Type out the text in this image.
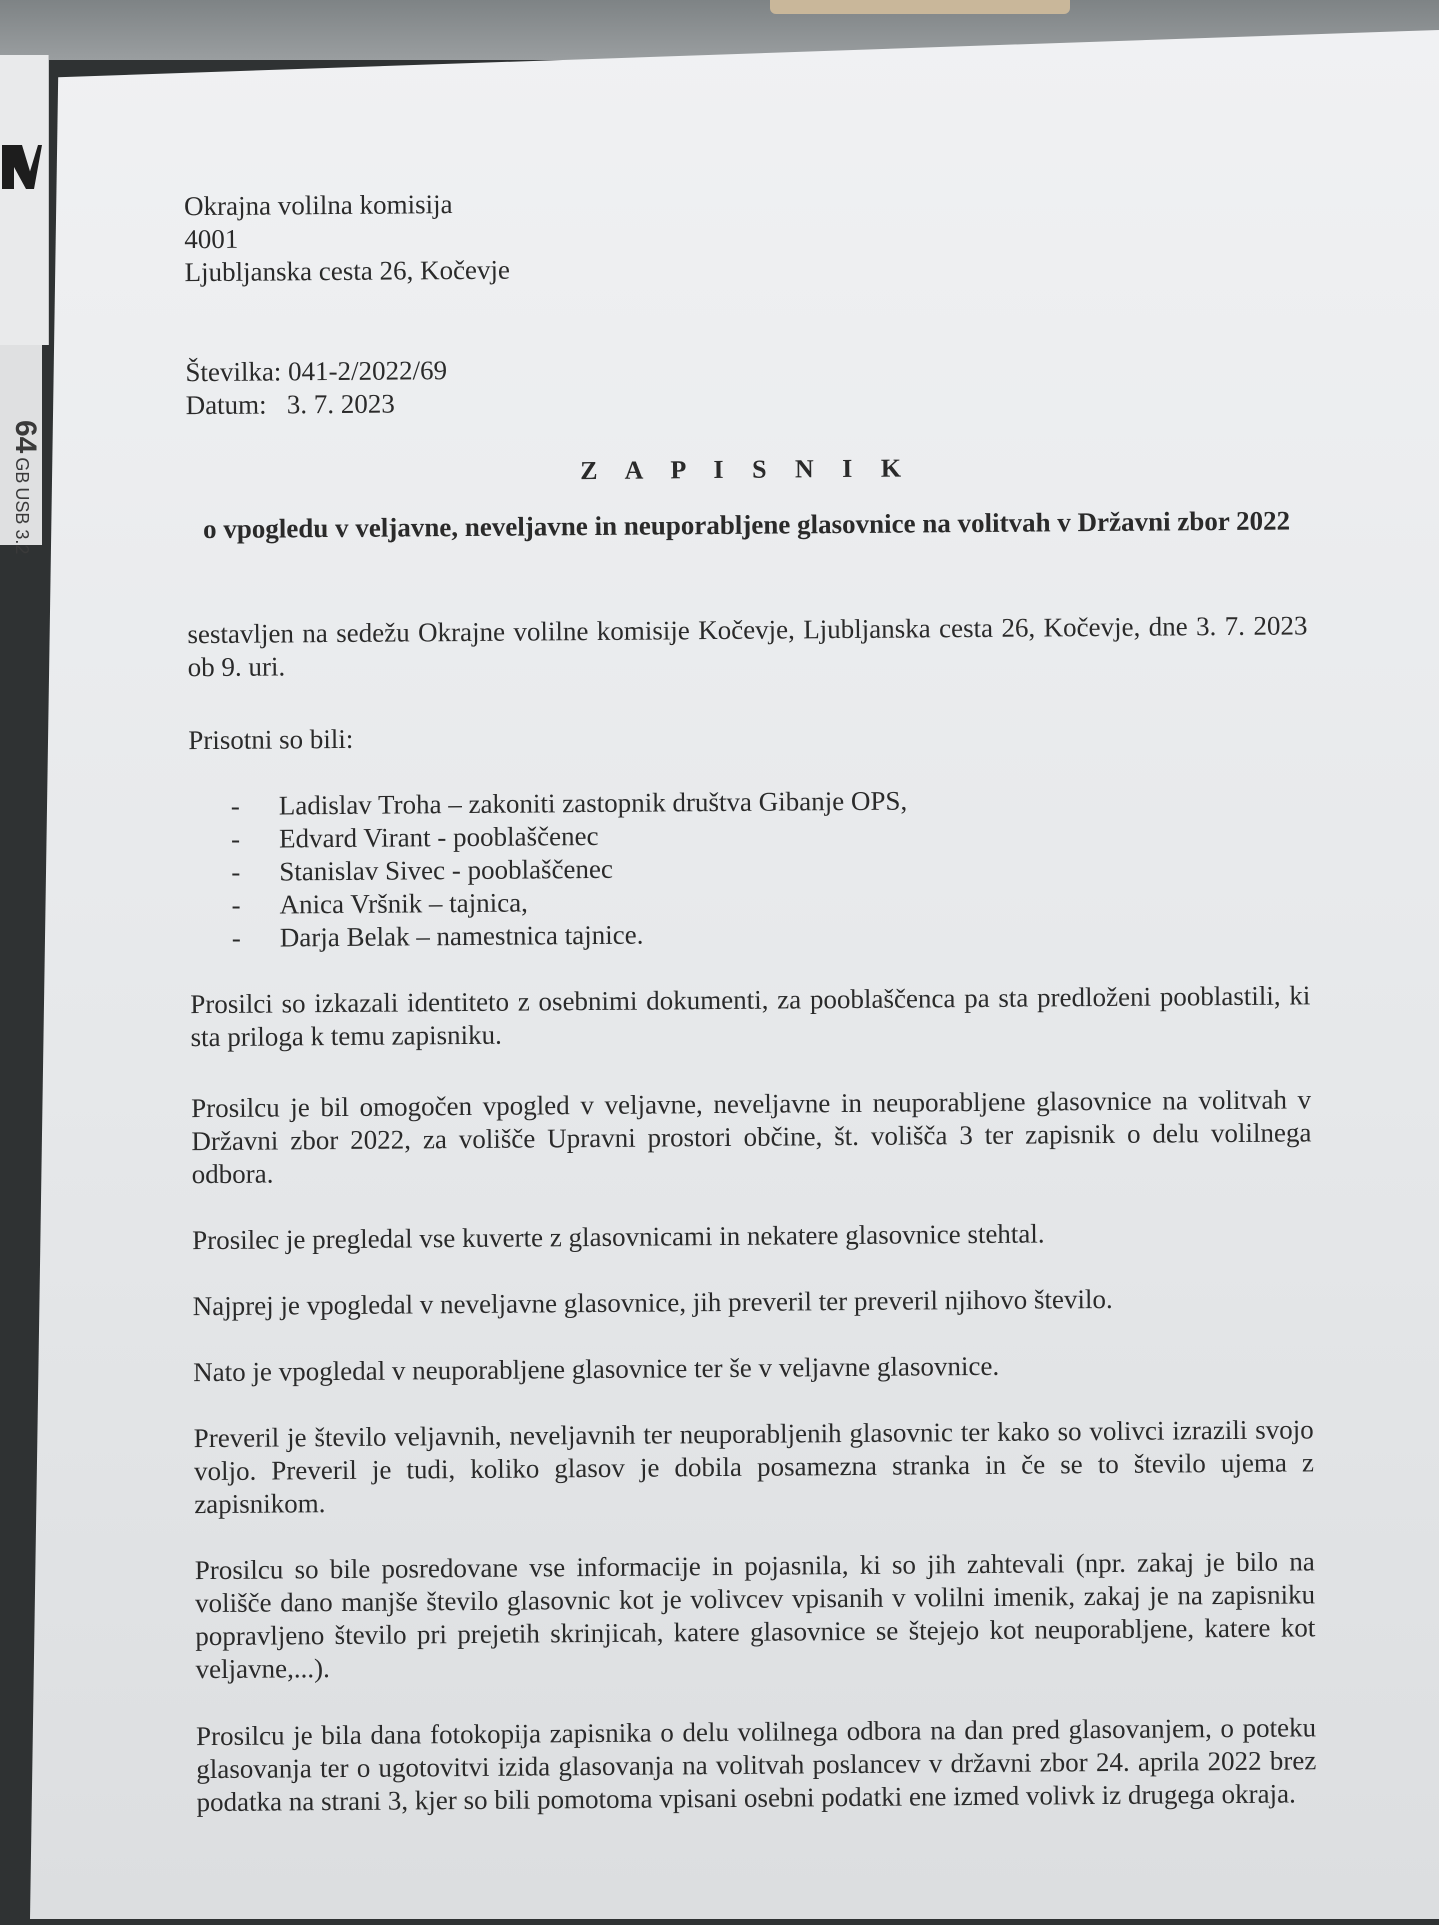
64GBUSB 3.2
Okrajna volilna komisija
4001
Ljubljanska cesta 26, Kočevje
Številka: 041-2/2022/69
Datum:   3. 7. 2023
Z A P I S N I K
o vpogledu v veljavne, neveljavne in neuporabljene glasovnice na volitvah v Državni zbor 2022
sestavljen na sedežu Okrajne volilne komisije Kočevje, Ljubljanska cesta 26, Kočevje, dne 3. 7. 2023 ob 9. uri.
Prisotni so bili:
- Ladislav Troha – zakoniti zastopnik društva Gibanje OPS,
- Edvard Virant - pooblaščenec
- Stanislav Sivec - pooblaščenec
- Anica Vršnik – tajnica,
- Darja Belak – namestnica tajnice.
Prosilci so izkazali identiteto z osebnimi dokumenti, za pooblaščenca pa sta predloženi pooblastili, ki sta priloga k temu zapisniku.
Prosilcu je bil omogočen vpogled v veljavne, neveljavne in neuporabljene glasovnice na volitvah v Državni zbor 2022, za volišče Upravni prostori občine, št. volišča 3 ter zapisnik o delu volilnega odbora.
Prosilec je pregledal vse kuverte z glasovnicami in nekatere glasovnice stehtal.
Najprej je vpogledal v neveljavne glasovnice, jih preveril ter preveril njihovo število.
Nato je vpogledal v neuporabljene glasovnice ter še v veljavne glasovnice.
Preveril je število veljavnih, neveljavnih ter neuporabljenih glasovnic ter kako so volivci izrazili svojo voljo. Preveril je tudi, koliko glasov je dobila posamezna stranka in če se to število ujema z zapisnikom.
Prosilcu so bile posredovane vse informacije in pojasnila, ki so jih zahtevali (npr. zakaj je bilo na volišče dano manjše število glasovnic kot je volivcev vpisanih v volilni imenik, zakaj je na zapisniku popravljeno število pri prejetih skrinjicah, katere glasovnice se štejejo kot neuporabljene, katere kot veljavne,...).
Prosilcu je bila dana fotokopija zapisnika o delu volilnega odbora na dan pred glasovanjem, o poteku glasovanja ter o ugotovitvi izida glasovanja na volitvah poslancev v državni zbor 24. aprila 2022 brez podatka na strani 3, kjer so bili pomotoma vpisani osebni podatki ene izmed volivk iz drugega okraja.
